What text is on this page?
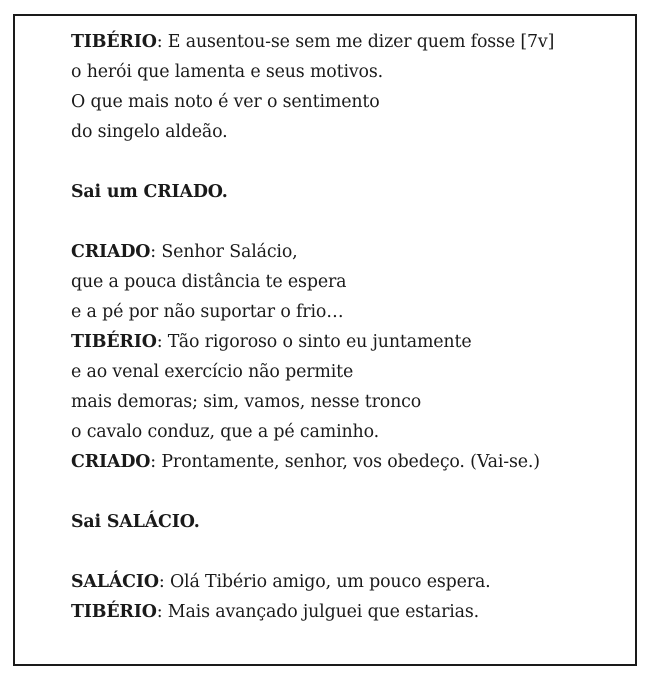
TIBÉRIO: E ausentou-se sem me dizer quem fosse [7v]
o herói que lamenta e seus motivos.
O que mais noto é ver o sentimento
do singelo aldeão.
Sai um CRIADO.
CRIADO: Senhor Salácio,
que a pouca distância te espera
e a pé por não suportar o frio…
TIBÉRIO: Tão rigoroso o sinto eu juntamente
e ao venal exercício não permite
mais demoras; sim, vamos, nesse tronco
o cavalo conduz, que a pé caminho.
CRIADO: Prontamente, senhor, vos obedeço. (Vai-se.)
Sai SALÁCIO.
SALÁCIO: Olá Tibério amigo, um pouco espera.
TIBÉRIO: Mais avançado julguei que estarias.
